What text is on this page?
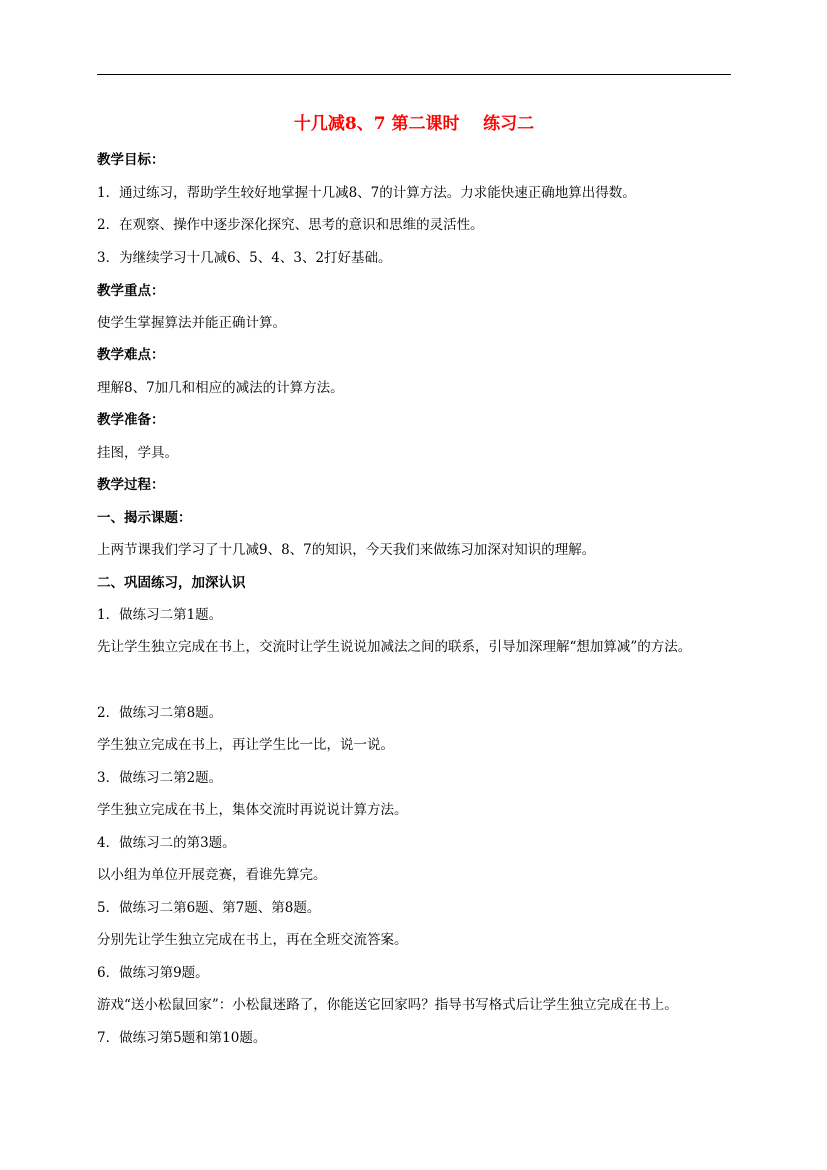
十几减8、7 第二课时    练习二

教学目标：

1．通过练习，帮助学生较好地掌握十几减8、7的计算方法。力求能快速正确地算出得数。

2．在观察、操作中逐步深化探究、思考的意识和思维的灵活性。

3．为继续学习十几减6、5、4、3、2打好基础。

教学重点：

使学生掌握算法并能正确计算。

教学难点：

理解8、7加几和相应的减法的计算方法。

教学准备：

挂图，学具。

教学过程：

一、揭示课题：

上两节课我们学习了十几减9、8、7的知识，今天我们来做练习加深对知识的理解。

二、巩固练习，加深认识

1．做练习二第1题。

先让学生独立完成在书上，交流时让学生说说加减法之间的联系，引导加深理解“想加算减”的方法。

2．做练习二第8题。

学生独立完成在书上，再让学生比一比，说一说。

3．做练习二第2题。

学生独立完成在书上，集体交流时再说说计算方法。

4．做练习二的第3题。

以小组为单位开展竞赛，看谁先算完。

5．做练习二第6题、第7题、第8题。

分别先让学生独立完成在书上，再在全班交流答案。

6．做练习第9题。

游戏“送小松鼠回家”：小松鼠迷路了，你能送它回家吗？指导书写格式后让学生独立完成在书上。

7．做练习第5题和第10题。
